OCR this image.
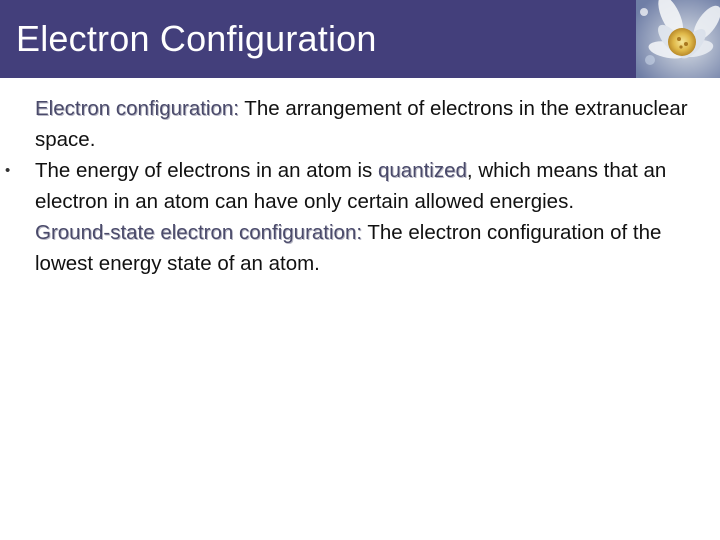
Electron Configuration

Electron configuration: The arrangement of electrons in the extranuclear space.

• The energy of electrons in an atom is quantized, which means that an electron in an atom can have only certain allowed energies.

Ground-state electron configuration: The electron configuration of the lowest energy state of an atom.
